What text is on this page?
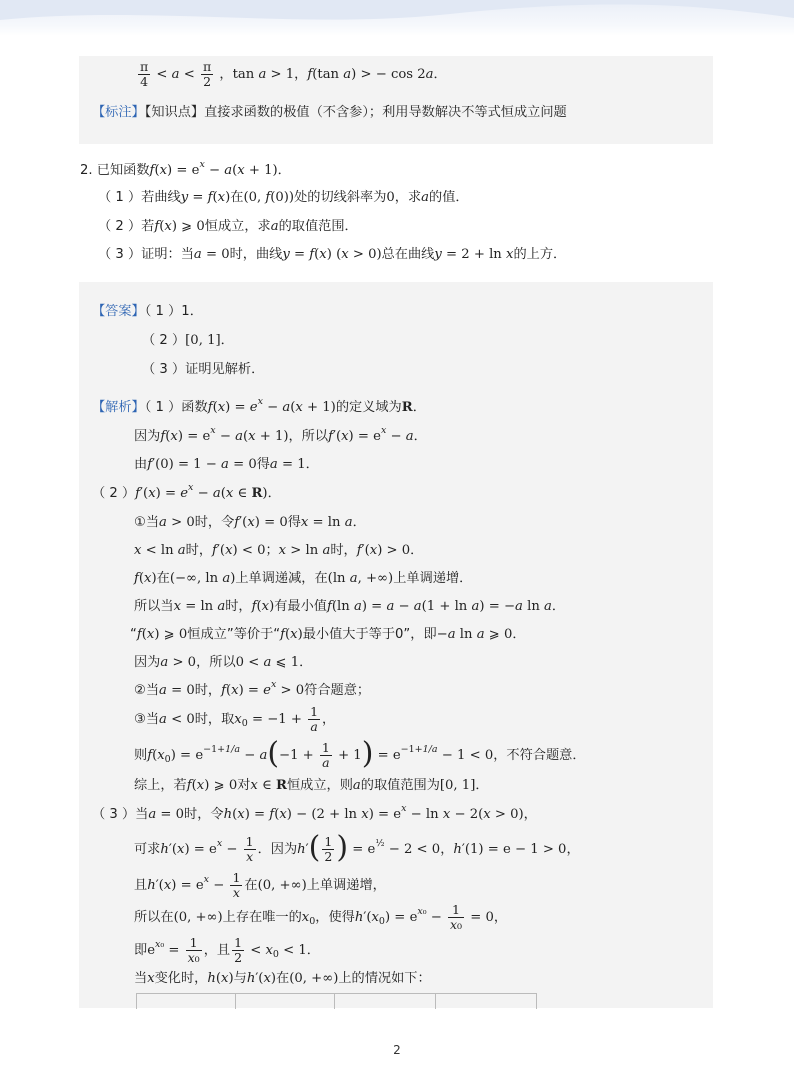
$\frac{\pi}{4} < a < \frac{\pi}{2}$ ，tan a > 1，f(tan a) > − cos 2a．
【标注】【知识点】直接求函数的极值（不含参）；利用导数解决不等式恒成立问题
2. 已知函数$f(x) = e^x - a(x + 1)$．
（ 1 ）若曲线y = f(x)在(0, f(0))处的切线斜率为0，求a的值．
（ 2 ）若f(x) ⩾ 0恒成立，求a的取值范围．
（ 3 ）证明：当a = 0时，曲线y = f(x) (x > 0)总在曲线y = 2 + ln x的上方．
【答案】（ 1 ）1．
（ 2 ）[0, 1]．
（ 3 ）证明见解析．
【解析】（ 1 ）函数$f(x) = e^x - a(x + 1)$的定义域为R．
因为$f(x) = e^x - a(x + 1)$，所以$f'(x) = e^x - a$．
由f′(0) = 1 − a = 0得a = 1．
（ 2 ）$f'(x) = e^x - a(x$ ∈ R)．
①当a > 0时，令f′(x) = 0得x = ln a．
x < ln a时，f′(x) < 0；x > ln a时，f′(x) > 0．
f(x)在(−∞, ln a)上单调递减，在(ln a, +∞)上单调递增．
所以当x = ln a时，f(x)有最小值f(ln a) = a − a(1 + ln a) = −a ln a．
“f(x) ⩾ 0恒成立”等价于“f(x)最小值大于等于0”，即−a ln a ⩾ 0．
因为a > 0，所以0 < a ⩽ 1．
②当a = 0时，$f(x) = e^x > 0$符合题意；
③当a < 0时，取$x_0 = -1 + \frac{1}{a}$ ，
则$f(x_0) = e^{-1+1/a} - a(-1 + \frac{1}{a} + 1) = e^{-1+1/a} - 1 < 0$，不符合题意．
综上，若f(x) ⩾ 0对x ∈ R恒成立，则a的取值范围为[0, 1]．
（ 3 ）当a = 0时，令$h(x) = f(x) - (2 + \ln x) = e^x - \ln x - 2(x > 0)$，
可求$h'(x) = e^x - \frac{1}{x}$ ．因为$h'( \frac{1}{2}$ ) = $e^{\frac{1}{2}} - 2 < 0$，h′(1) = e − 1 > 0，
且$h'(x) = e^x - \frac{1}{x}$ 在(0, +∞)上单调递增，
所以在(0, +∞)上存在唯一的$x_0$，使得$h'(x_0) = e^{x_0} - \frac{1}{\text{x₀}} = 0$，
即$e^{x_0} = \frac{1}{\text{x₀}}$ ，且 $\frac{1}{2} < x_0 < 1$．
当x变化时，h(x)与h′(x)在(0, +∞)上的情况如下：
2
